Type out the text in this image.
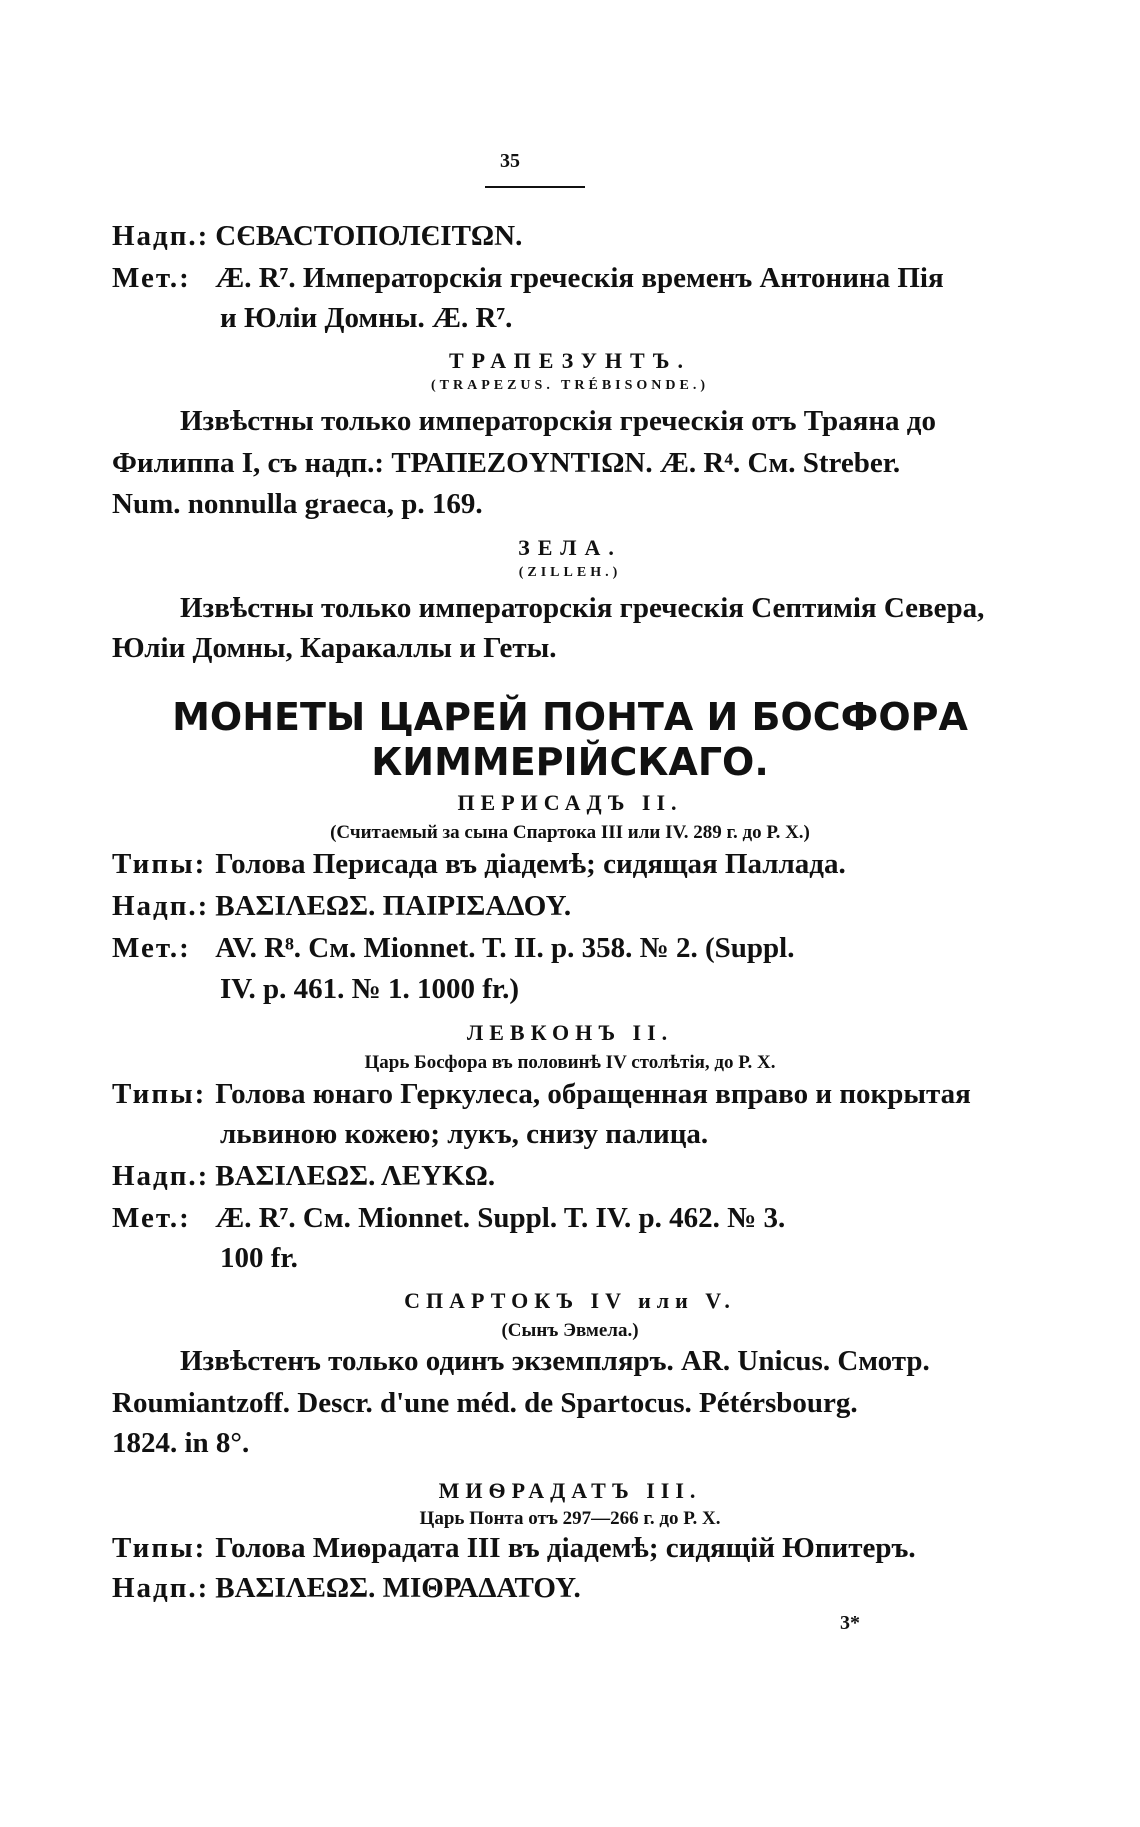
35
Надп.: СЄВАСТОПОЛЄІТΩΝ.
Мет.: Æ. R⁷. Императорскія греческія временъ Антонина Пія
и Юліи Домны. Æ. R⁷.
ТРАПЕЗУНТЪ.
(TRAPEZUS. TRÉBISONDE.)
Извѣстны только императорскія греческія отъ Траяна до
Филиппа I, съ надп.: ТРАПЕZОΥΝΤΙΩΝ. Æ. R⁴. См. Streber.
Num. nonnulla graeca, p. 169.
ЗЕЛА.
(ZILLEH.)
Извѣстны только императорскія греческія Септимія Севера,
Юліи Домны, Каракаллы и Геты.
МОНЕТЫ ЦАРЕЙ ПОНТА И БОСФОРА
КИММЕРІЙСКАГО.
ПЕРИСАДЪ II.
(Считаемый за сына Спартока III или IV. 289 г. до Р. Х.)
Типы: Голова Перисада въ діадемѣ; сидящая Паллада.
Надп.: ΒΑΣΙΛΕΩΣ. ΠΑΙΡΙΣΑΔΟΥ.
Мет.: AV. R⁸. См. Mionnet. T. II. p. 358. № 2. (Suppl.
IV. p. 461. № 1. 1000 fr.)
ЛЕВКОНЪ II.
Царь Босфора въ половинѣ IV столѣтія, до Р. Х.
Типы: Голова юнаго Геркулеса, обращенная вправо и покрытая
львиною кожею; лукъ, снизу палица.
Надп.: ΒΑΣΙΛΕΩΣ. ΛΕΥΚΩ.
Мет.: Æ. R⁷. См. Mionnet. Suppl. T. IV. p. 462. № 3.
100 fr.
СПАРТОКЪ IV или V.
(Сынъ Эвмела.)
Извѣстенъ только одинъ экземпляръ. AR. Unicus. Смотр.
Roumiantzoff. Descr. d'une méd. de Spartocus. Pétérsbourg.
1824. in 8°.
МИѲРАДАТЪ III.
Царь Понта отъ 297—266 г. до Р. Х.
Типы: Голова Миѳрадата III въ діадемѣ; сидящій Юпитеръ.
Надп.: ΒΑΣΙΛΕΩΣ. ΜΙΘΡΑΔΑΤΟΥ.
3*
